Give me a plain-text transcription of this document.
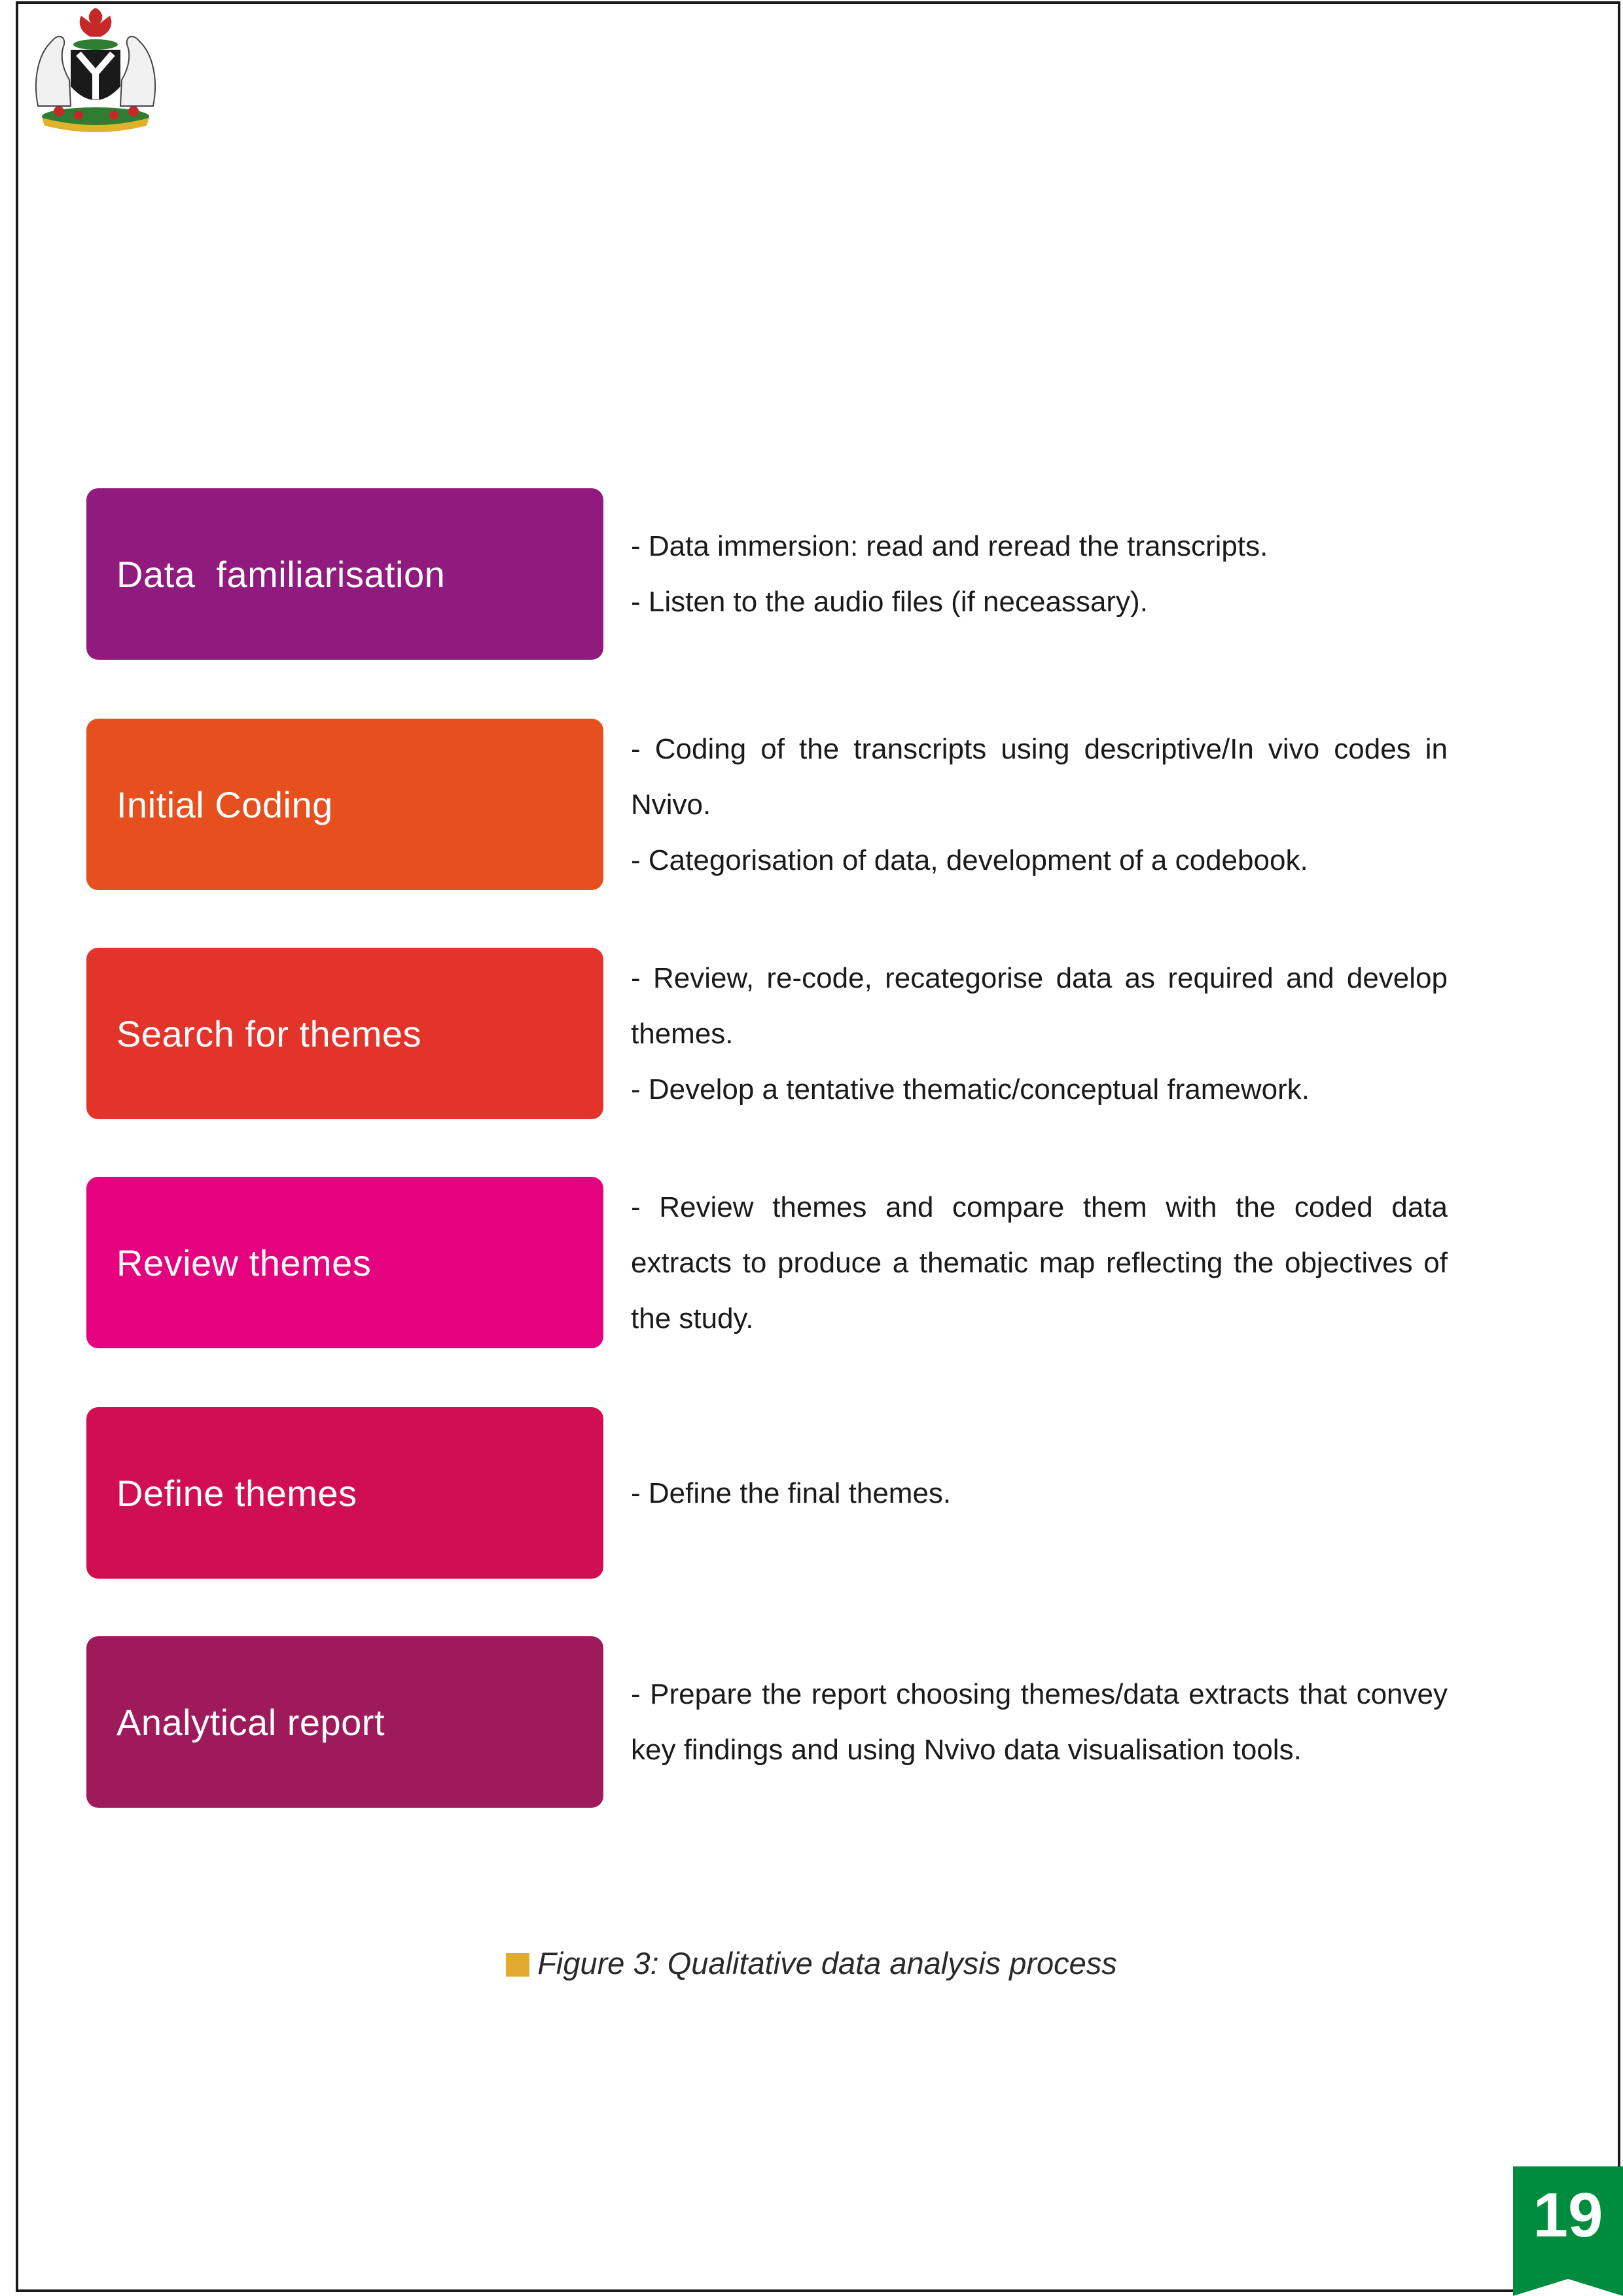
Data  familiarisation

- Data immersion: read and reread the transcripts.

- Listen to the audio files (if neceassary).

Initial Coding

- Coding of the transcripts using descriptive/In vivo codes in Nvivo.

- Categorisation of data, development of a codebook.

Search for themes

- Review, re-code, recategorise data as required and develop themes.

- Develop a tentative thematic/conceptual framework.

Review themes

- Review themes and compare them with the coded data extracts to produce a thematic map reflecting the objectives of the study.

Define themes	- Define the final themes.

Analytical report

- Prepare the report choosing themes/data extracts that convey key findings and using Nvivo data visualisation tools.

Figure 3: Qualitative data analysis process
19
